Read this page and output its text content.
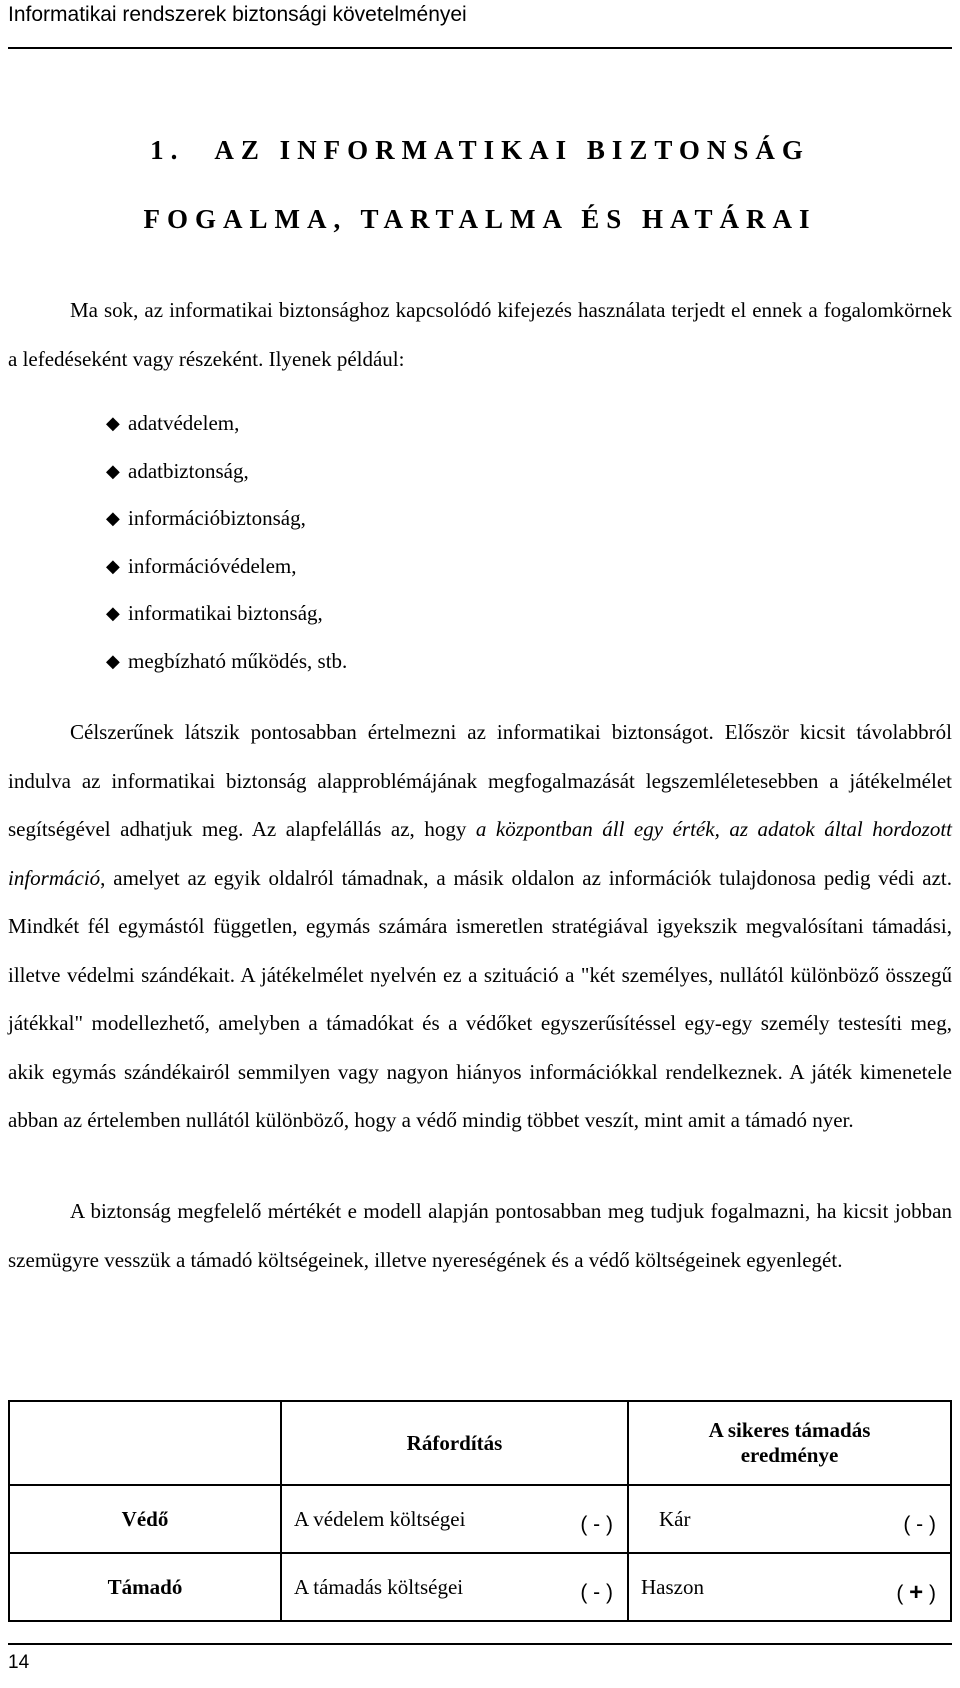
Informatikai rendszerek biztonsági követelményei
1. AZ INFORMATIKAI BIZTONSÁG
FOGALMA, TARTALMA ÉS HATÁRAI

Ma sok, az informatikai biztonsághoz kapcsolódó kifejezés használata terjedt el ennek a fogalomkörnek a lefedéseként vagy részeként. Ilyenek például:

◆ adatvédelem,
◆ adatbiztonság,
◆ információbiztonság,
◆ információvédelem,
◆ informatikai biztonság,
◆ megbízható működés, stb.

Célszerűnek látszik pontosabban értelmezni az informatikai biztonságot. Először kicsit távolabbról indulva az informatikai biztonság alapproblémájának megfogalmazását legszemléletesebben a játékelmélet segítségével adhatjuk meg. Az alapfelállás az, hogy a központban áll egy érték, az adatok által hordozott információ, amelyet az egyik oldalról támadnak, a másik oldalon az információk tulajdonosa pedig védi azt. Mindkét fél egymástól független, egymás számára ismeretlen stratégiával igyekszik megvalósítani támadási, illetve védelmi szándékait. A játékelmélet nyelvén ez a szituáció a "két személyes, nullától különböző összegű játékkal" modellezhető, amelyben a támadókat és a védőket egyszerűsítéssel egy-egy személy testesíti meg, akik egymás szándékairól semmilyen vagy nagyon hiányos információkkal rendelkeznek. A játék kimenetele abban az értelemben nullától különböző, hogy a védő mindig többet veszít, mint amit a támadó nyer.

A biztonság megfelelő mértékét e modell alapján pontosabban meg tudjuk fogalmazni, ha kicsit jobban szemügyre vesszük a támadó költségeinek, illetve nyereségének és a védő költségeinek egyenlegét.

	Ráfordítás	A sikeres támadás
eredménye

Védő	A védelem költségei ( - )	Kár ( - )

Támadó	A támadás költségei ( - )	Haszon ( + )
14
